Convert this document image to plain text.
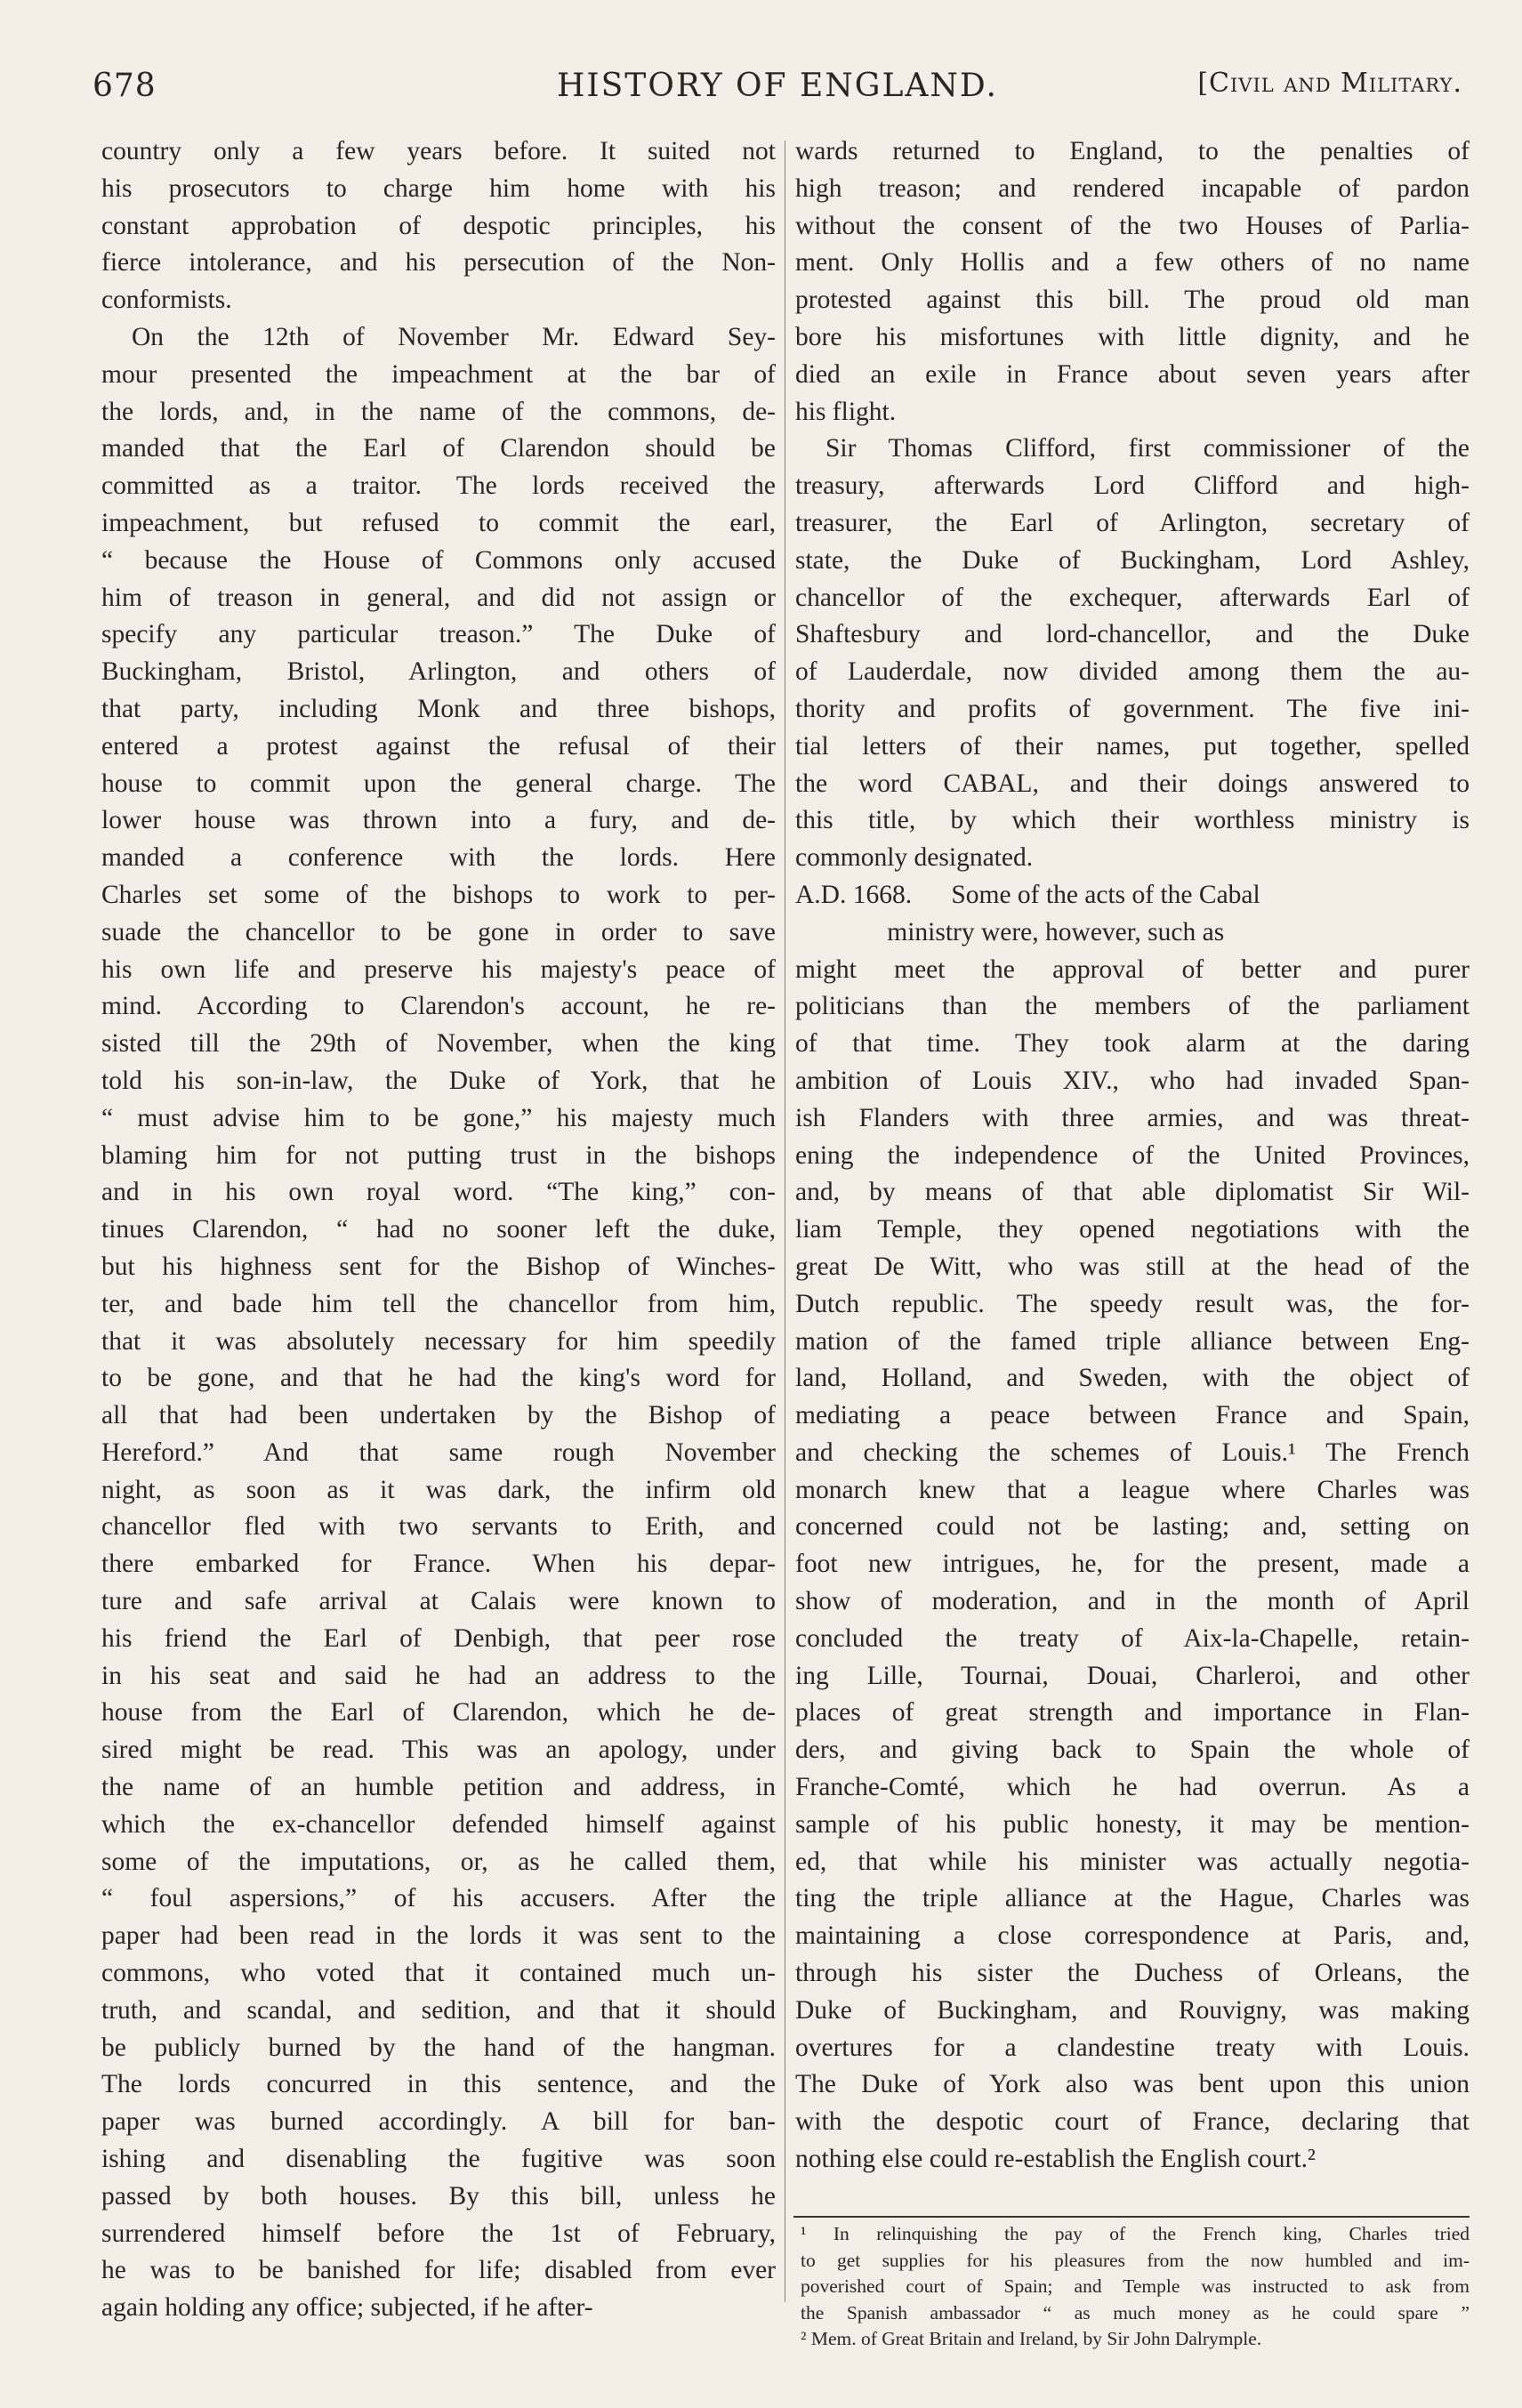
678	HISTORY OF ENGLAND.	[Civil and Military.
country only a few years before. It suited not
his prosecutors to charge him home with his
constant approbation of despotic principles, his
fierce intolerance, and his persecution of the Non-
conformists.
On the 12th of November Mr. Edward Sey-
mour presented the impeachment at the bar of
the lords, and, in the name of the commons, de-
manded that the Earl of Clarendon should be
committed as a traitor. The lords received the
impeachment, but refused to commit the earl,
“ because the House of Commons only accused
him of treason in general, and did not assign or
specify any particular treason.” The Duke of
Buckingham, Bristol, Arlington, and others of
that party, including Monk and three bishops,
entered a protest against the refusal of their
house to commit upon the general charge. The
lower house was thrown into a fury, and de-
manded a conference with the lords. Here
Charles set some of the bishops to work to per-
suade the chancellor to be gone in order to save
his own life and preserve his majesty's peace of
mind. According to Clarendon's account, he re-
sisted till the 29th of November, when the king
told his son-in-law, the Duke of York, that he
“ must advise him to be gone,” his majesty much
blaming him for not putting trust in the bishops
and in his own royal word. “The king,” con-
tinues Clarendon, “ had no sooner left the duke,
but his highness sent for the Bishop of Winches-
ter, and bade him tell the chancellor from him,
that it was absolutely necessary for him speedily
to be gone, and that he had the king's word for
all that had been undertaken by the Bishop of
Hereford.” And that same rough November
night, as soon as it was dark, the infirm old
chancellor fled with two servants to Erith, and
there embarked for France. When his depar-
ture and safe arrival at Calais were known to
his friend the Earl of Denbigh, that peer rose
in his seat and said he had an address to the
house from the Earl of Clarendon, which he de-
sired might be read. This was an apology, under
the name of an humble petition and address, in
which the ex-chancellor defended himself against
some of the imputations, or, as he called them,
“ foul aspersions,” of his accusers. After the
paper had been read in the lords it was sent to the
commons, who voted that it contained much un-
truth, and scandal, and sedition, and that it should
be publicly burned by the hand of the hangman.
The lords concurred in this sentence, and the
paper was burned accordingly. A bill for ban-
ishing and disenabling the fugitive was soon
passed by both houses. By this bill, unless he
surrendered himself before the 1st of February,
he was to be banished for life; disabled from ever
again holding any office; subjected, if he after-
wards returned to England, to the penalties of
high treason; and rendered incapable of pardon
without the consent of the two Houses of Parlia-
ment. Only Hollis and a few others of no name
protested against this bill. The proud old man
bore his misfortunes with little dignity, and he
died an exile in France about seven years after
his flight.
Sir Thomas Clifford, first commissioner of the
treasury, afterwards Lord Clifford and high-
treasurer, the Earl of Arlington, secretary of
state, the Duke of Buckingham, Lord Ashley,
chancellor of the exchequer, afterwards Earl of
Shaftesbury and lord-chancellor, and the Duke
of Lauderdale, now divided among them the au-
thority and profits of government. The five ini-
tial letters of their names, put together, spelled
the word CABAL, and their doings answered to
this title, by which their worthless ministry is
commonly designated.
A.D. 1668.      Some of the acts of the Cabal
ministry were, however, such as
might meet the approval of better and purer
politicians than the members of the parliament
of that time. They took alarm at the daring
ambition of Louis XIV., who had invaded Span-
ish Flanders with three armies, and was threat-
ening the independence of the United Provinces,
and, by means of that able diplomatist Sir Wil-
liam Temple, they opened negotiations with the
great De Witt, who was still at the head of the
Dutch republic. The speedy result was, the for-
mation of the famed triple alliance between Eng-
land, Holland, and Sweden, with the object of
mediating a peace between France and Spain,
and checking the schemes of Louis.¹ The French
monarch knew that a league where Charles was
concerned could not be lasting; and, setting on
foot new intrigues, he, for the present, made a
show of moderation, and in the month of April
concluded the treaty of Aix-la-Chapelle, retain-
ing Lille, Tournai, Douai, Charleroi, and other
places of great strength and importance in Flan-
ders, and giving back to Spain the whole of
Franche-Comté, which he had overrun. As a
sample of his public honesty, it may be mention-
ed, that while his minister was actually negotia-
ting the triple alliance at the Hague, Charles was
maintaining a close correspondence at Paris, and,
through his sister the Duchess of Orleans, the
Duke of Buckingham, and Rouvigny, was making
overtures for a clandestine treaty with Louis.
The Duke of York also was bent upon this union
with the despotic court of France, declaring that
nothing else could re-establish the English court.²
¹ In relinquishing the pay of the French king, Charles tried
to get supplies for his pleasures from the now humbled and im-
poverished court of Spain; and Temple was instructed to ask from
the Spanish ambassador “ as much money as he could spare ”
² Mem. of Great Britain and Ireland, by Sir John Dalrymple.
